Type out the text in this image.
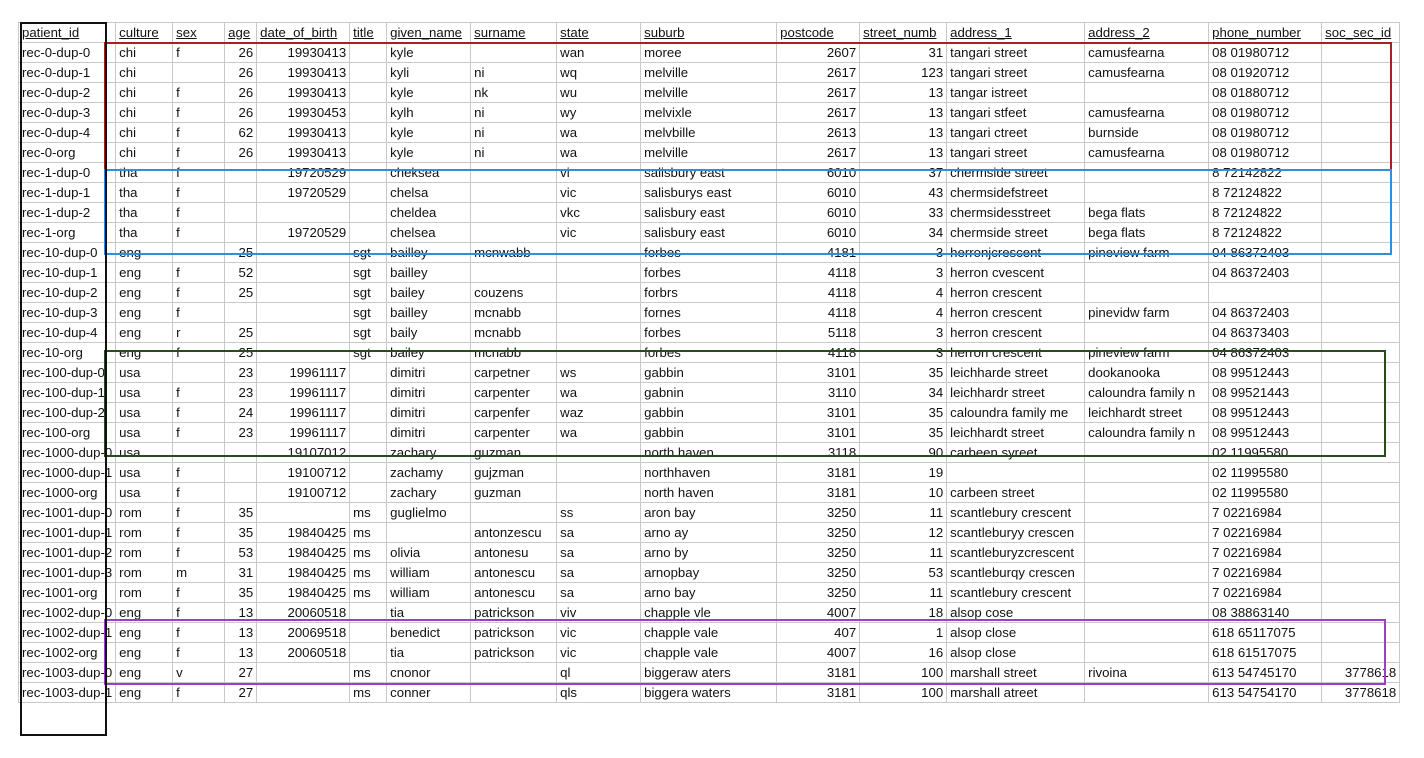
patient_id	culture	sex	age	date_of_birth	title	given_name	surname	state	suburb	postcode	street_numb	address_1	address_2	phone_number	soc_sec_id
rec-0-dup-0	chi	f	26	19930413		kyle		wan	moree	2607	31	tangari street	camusfearna	08 01980712	
rec-0-dup-1	chi		26	19930413		kyli	ni	wq	melville	2617	123	tangari street	camusfearna	08 01920712	
rec-0-dup-2	chi	f	26	19930413		kyle	nk	wu	melville	2617	13	tangar istreet		08 01880712	
rec-0-dup-3	chi	f	26	19930453		kylh	ni	wy	melvixle	2617	13	tangari stfeet	camusfearna	08 01980712	
rec-0-dup-4	chi	f	62	19930413		kyle	ni	wa	melvbille	2613	13	tangari ctreet	burnside	08 01980712	
rec-0-org	chi	f	26	19930413		kyle	ni	wa	melville	2617	13	tangari street	camusfearna	08 01980712	
rec-1-dup-0	tha	f		19720529		cheksea		vi	salisbury east	6010	37	chermside street		8 72142822	
rec-1-dup-1	tha	f		19720529		chelsa		vic	salisburys east	6010	43	chermsidefstreet		8 72124822	
rec-1-dup-2	tha	f				cheldea		vkc	salisbury east	6010	33	chermsidesstreet	bega flats	8 72124822	
rec-1-org	tha	f		19720529		chelsea		vic	salisbury east	6010	34	chermside street	bega flats	8 72124822	
rec-10-dup-0	eng		25		sgt	bailley	mcnwabb		forbes	4181	3	herronjcrescent	pineview farm	04 86372403	
rec-10-dup-1	eng	f	52		sgt	bailley			forbes	4118	3	herron cvescent		04 86372403	
rec-10-dup-2	eng	f	25		sgt	bailey	couzens		forbrs	4118	4	herron crescent			
rec-10-dup-3	eng	f			sgt	bailley	mcnabb		fornes	4118	4	herron crescent	pinevidw farm	04 86372403	
rec-10-dup-4	eng	r	25		sgt	baily	mcnabb		forbes	5118	3	herron crescent		04 86373403	
rec-10-org	eng	f	25		sgt	bailey	mcnabb		forbes	4118	3	herron crescent	pineview farm	04 86372403	
rec-100-dup-0	usa		23	19961117		dimitri	carpetner	ws	gabbin	3101	35	leichharde street	dookanooka	08 99512443	
rec-100-dup-1	usa	f	23	19961117		dimitri	carpenter	wa	gabnin	3110	34	leichhardr street	caloundra family n	08 99521443	
rec-100-dup-2	usa	f	24	19961117		dimitri	carpenfer	waz	gabbin	3101	35	caloundra family me	leichhardt street	08 99512443	
rec-100-org	usa	f	23	19961117		dimitri	carpenter	wa	gabbin	3101	35	leichhardt street	caloundra family n	08 99512443	
rec-1000-dup-0	usa			19107012		zachary	guzman		north haven	3118	90	carbeen syreet		02 11995580	
rec-1000-dup-1	usa	f		19100712		zachamy	gujzman		northhaven	3181	19			02 11995580	
rec-1000-org	usa	f		19100712		zachary	guzman		north haven	3181	10	carbeen street		02 11995580	
rec-1001-dup-0	rom	f	35		ms	guglielmo		ss	aron bay	3250	11	scantlebury crescent		7 02216984	
rec-1001-dup-1	rom	f	35	19840425	ms		antonzescu	sa	arno ay	3250	12	scantleburyy crescen		7 02216984	
rec-1001-dup-2	rom	f	53	19840425	ms	olivia	antonesu	sa	arno by	3250	11	scantleburyzcrescent		7 02216984	
rec-1001-dup-3	rom	m	31	19840425	ms	william	antonescu	sa	arnopbay	3250	53	scantleburqy crescen		7 02216984	
rec-1001-org	rom	f	35	19840425	ms	william	antonescu	sa	arno bay	3250	11	scantlebury crescent		7 02216984	
rec-1002-dup-0	eng	f	13	20060518		tia	patrickson	viv	chapple vle	4007	18	alsop cose		08 38863140	
rec-1002-dup-1	eng	f	13	20069518		benedict	patrickson	vic	chapple vale	407	1	alsop close		618 65117075	
rec-1002-org	eng	f	13	20060518		tia	patrickson	vic	chapple vale	4007	16	alsop close		618 61517075	
rec-1003-dup-0	eng	v	27		ms	cnonor		ql	biggeraw aters	3181	100	marshall street	rivoina	613 54745170	3778618
rec-1003-dup-1	eng	f	27		ms	conner		qls	biggera waters	3181	100	marshall atreet		613 54754170	3778618
